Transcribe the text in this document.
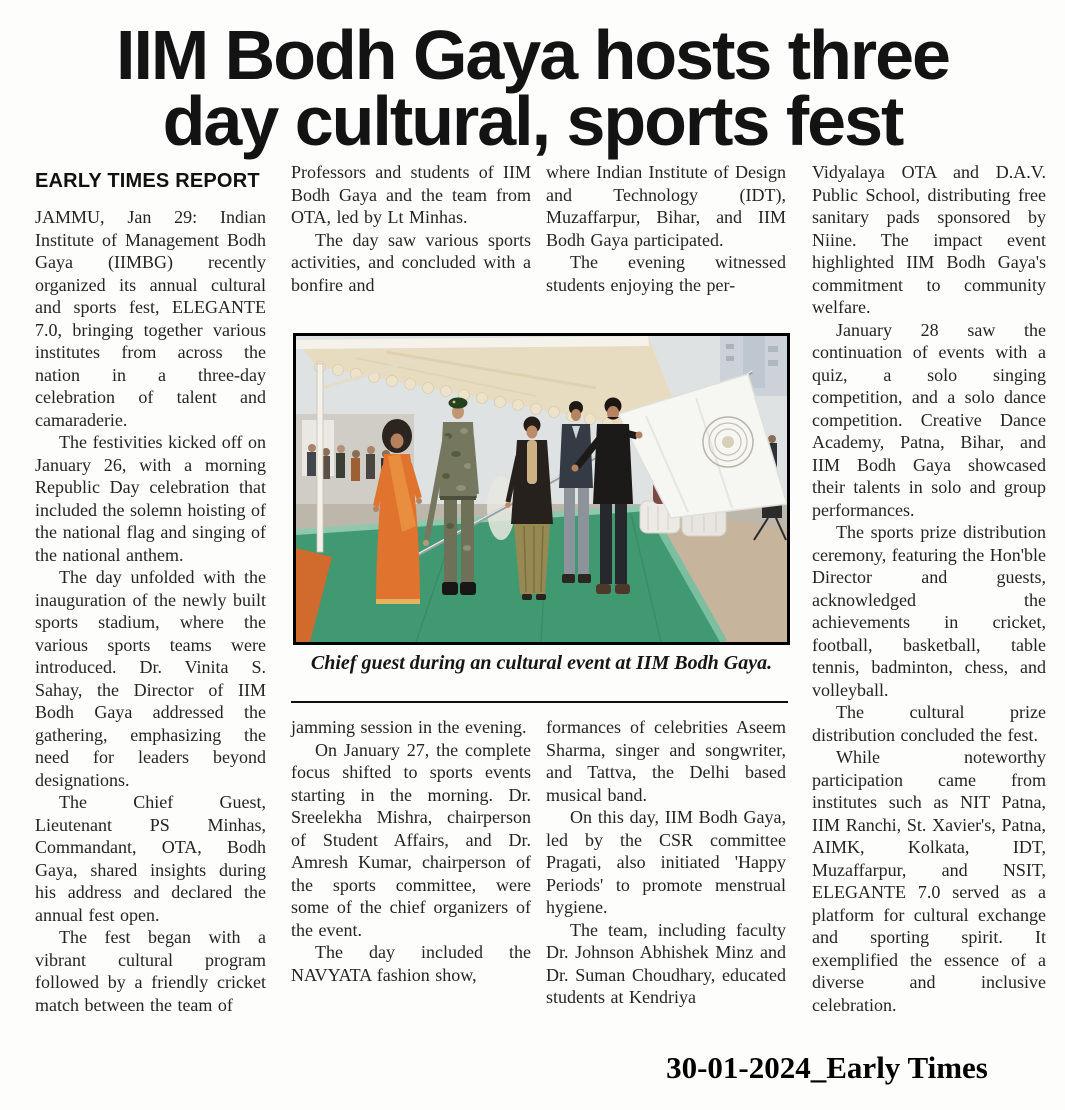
IIM Bodh Gaya hosts three
day cultural, sports fest
EARLY TIMES REPORT

JAMMU, Jan 29: Indian Institute of Management Bodh Gaya (IIMBG) recently organized its annual cultural and sports fest, ELEGANTE 7.0, bringing together various institutes from across the nation in a three-day celebration of talent and camaraderie.

The festivities kicked off on January 26, with a morning Republic Day celebration that included the solemn hoisting of the national flag and singing of the national anthem.

The day unfolded with the inauguration of the newly built sports stadium, where the various sports teams were introduced. Dr. Vinita S. Sahay, the Director of IIM Bodh Gaya addressed the gathering, emphasizing the need for leaders beyond designations.

The Chief Guest, Lieutenant PS Minhas, Commandant, OTA, Bodh Gaya, shared insights during his address and declared the annual fest open.

The fest began with a vibrant cultural program followed by a friendly cricket match between the team of

Professors and students of IIM Bodh Gaya and the team from OTA, led by Lt Minhas.

The day saw various sports activities, and concluded with a bonfire and

where Indian Institute of Design and Technology (IDT), Muzaffarpur, Bihar, and IIM Bodh Gaya participated.

The evening witnessed students enjoying the per-

Chief guest during an cultural event at IIM Bodh Gaya.

jamming session in the evening.

On January 27, the complete focus shifted to sports events starting in the morning. Dr. Sreelekha Mishra, chairperson of Student Affairs, and Dr. Amresh Kumar, chairperson of the sports committee, were some of the chief organizers of the event.

The day included the NAVYATA fashion show,

formances of celebrities Aseem Sharma, singer and songwriter, and Tattva, the Delhi based musical band.

On this day, IIM Bodh Gaya, led by the CSR committee Pragati, also initiated 'Happy Periods' to promote menstrual hygiene.

The team, including faculty Dr. Johnson Abhishek Minz and Dr. Suman Choudhary, educated students at Kendriya

Vidyalaya OTA and D.A.V. Public School, distributing free sanitary pads sponsored by Niine. The impact event highlighted IIM Bodh Gaya's commitment to community welfare.

January 28 saw the continuation of events with a quiz, a solo singing competition, and a solo dance competition. Creative Dance Academy, Patna, Bihar, and IIM Bodh Gaya showcased their talents in solo and group performances.

The sports prize distribution ceremony, featuring the Hon'ble Director and guests, acknowledged the achievements in cricket, football, basketball, table tennis, badminton, chess, and volleyball.

The cultural prize distribution concluded the fest.

While noteworthy participation came from institutes such as NIT Patna, IIM Ranchi, St. Xavier's, Patna, AIMK, Kolkata, IDT, Muzaffarpur, and NSIT, ELEGANTE 7.0 served as a platform for cultural exchange and sporting spirit. It exemplified the essence of a diverse and inclusive celebration.

30-01-2024_Early Times
